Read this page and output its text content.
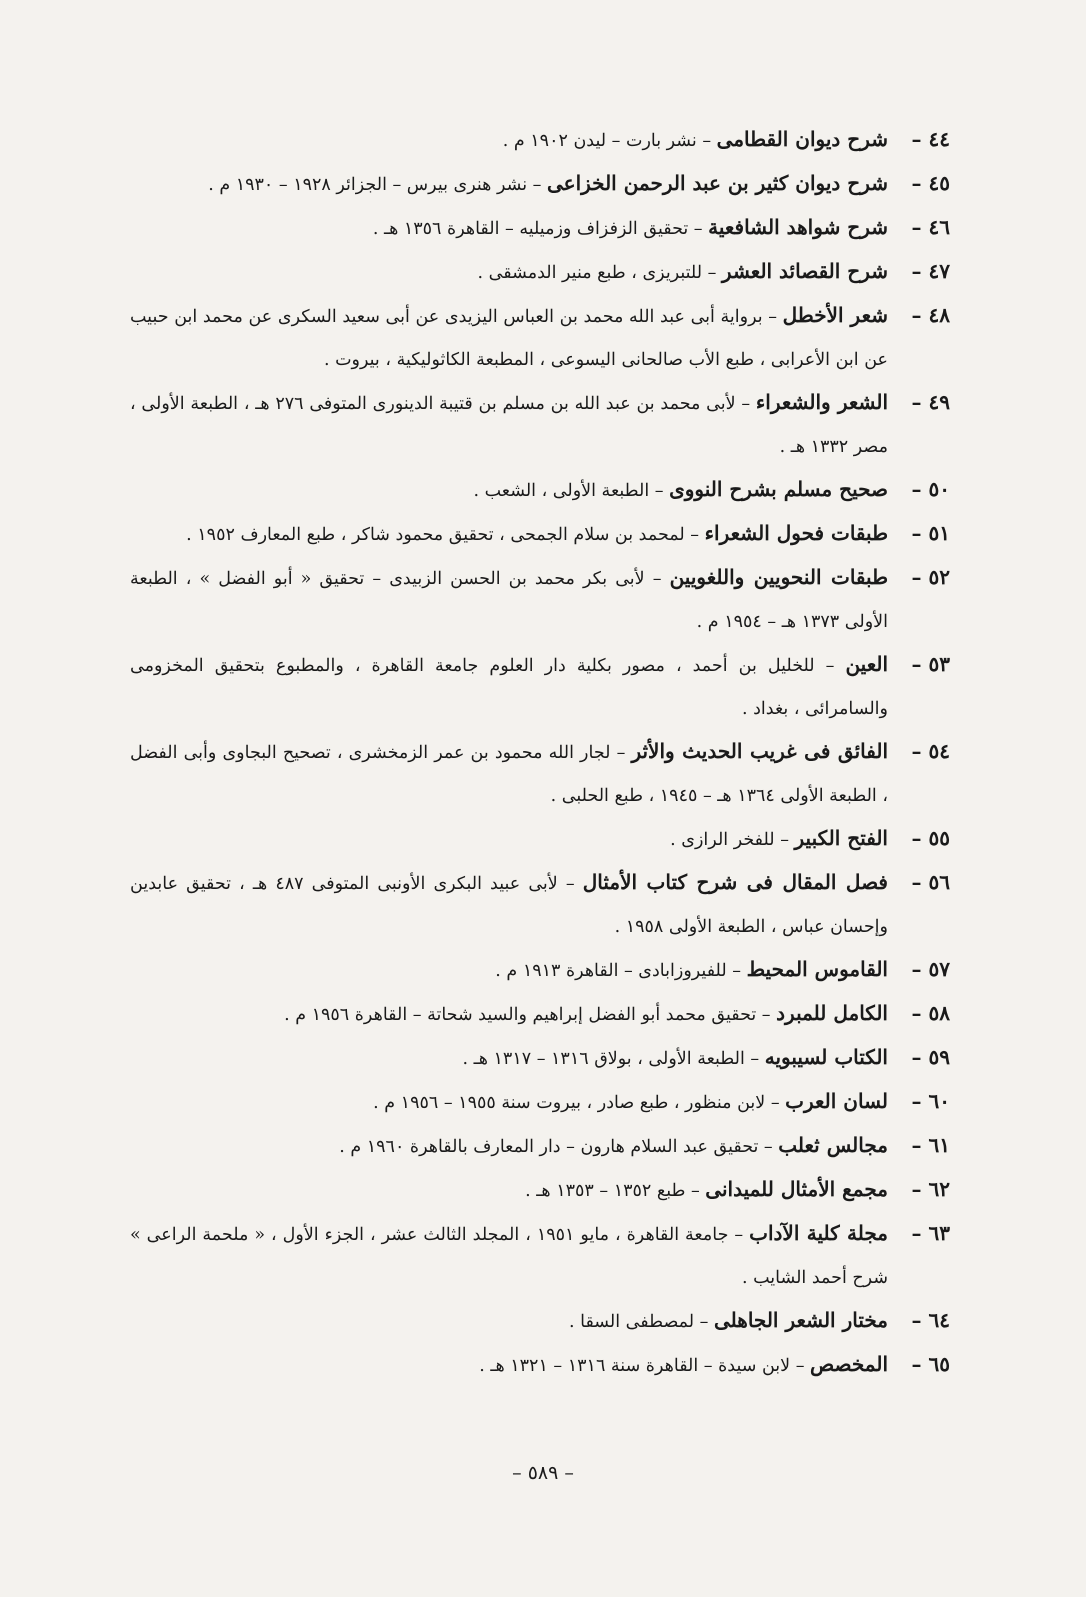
٤٤ –
شرح ديوان القطامى – نشر بارت – ليدن ١٩٠٢ م .
٤٥ –
شرح ديوان كثير بن عبد الرحمن الخزاعى – نشر هنرى بيرس – الجزائر ١٩٢٨ – ١٩٣٠ م .
٤٦ –
شرح شواهد الشافعية – تحقيق الزفزاف وزميليه – القاهرة ١٣٥٦ هـ .
٤٧ –
شرح القصائد العشر – للتبريزى ، طبع منير الدمشقى .
٤٨ –
شعر الأخطل – برواية أبى عبد الله محمد بن العباس اليزيدى عن أبى سعيد السكرى عن محمد ابن حبيب عن ابن الأعرابى ، طبع الأب صالحانى اليسوعى ، المطبعة الكاثوليكية ، بيروت .
٤٩ –
الشعر والشعراء – لأبى محمد بن عبد الله بن مسلم بن قتيبة الدينورى المتوفى ٢٧٦ هـ ، الطبعة الأولى ، مصر ١٣٣٢ هـ .
٥٠ –
صحيح مسلم بشرح النووى – الطبعة الأولى ، الشعب .
٥١ –
طبقات فحول الشعراء – لمحمد بن سلام الجمحى ، تحقيق محمود شاكر ، طبع المعارف ١٩٥٢ .
٥٢ –
طبقات النحويين واللغويين – لأبى بكر محمد بن الحسن الزبيدى – تحقيق « أبو الفضل » ، الطبعة الأولى ١٣٧٣ هـ – ١٩٥٤ م .
٥٣ –
العين – للخليل بن أحمد ، مصور بكلية دار العلوم جامعة القاهرة ، والمطبوع بتحقيق المخزومى والسامرائى ، بغداد .
٥٤ –
الفائق فى غريب الحديث والأثر – لجار الله محمود بن عمر الزمخشرى ، تصحيح البجاوى وأبى الفضل ، الطبعة الأولى ١٣٦٤ هـ – ١٩٤٥ ، طبع الحلبى .
٥٥ –
الفتح الكبير – للفخر الرازى .
٥٦ –
فصل المقال فى شرح كتاب الأمثال – لأبى عبيد البكرى الأونبى المتوفى ٤٨٧ هـ ، تحقيق عابدين وإحسان عباس ، الطبعة الأولى ١٩٥٨ .
٥٧ –
القاموس المحيط – للفيروزابادى – القاهرة ١٩١٣ م .
٥٨ –
الكامل للمبرد – تحقيق محمد أبو الفضل إبراهيم والسيد شحاتة – القاهرة ١٩٥٦ م .
٥٩ –
الكتاب لسيبويه – الطبعة الأولى ، بولاق ١٣١٦ – ١٣١٧ هـ .
٦٠ –
لسان العرب – لابن منظور ، طبع صادر ، بيروت سنة ١٩٥٥ – ١٩٥٦ م .
٦١ –
مجالس ثعلب – تحقيق عبد السلام هارون – دار المعارف بالقاهرة ١٩٦٠ م .
٦٢ –
مجمع الأمثال للميدانى – طبع ١٣٥٢ – ١٣٥٣ هـ .
٦٣ –
مجلة كلية الآداب – جامعة القاهرة ، مايو ١٩٥١ ، المجلد الثالث عشر ، الجزء الأول ، « ملحمة الراعى » شرح أحمد الشايب .
٦٤ –
مختار الشعر الجاهلى – لمصطفى السقا .
٦٥ –
المخصص – لابن سيدة – القاهرة سنة ١٣١٦ – ١٣٢١ هـ .
– ٥٨٩ –
